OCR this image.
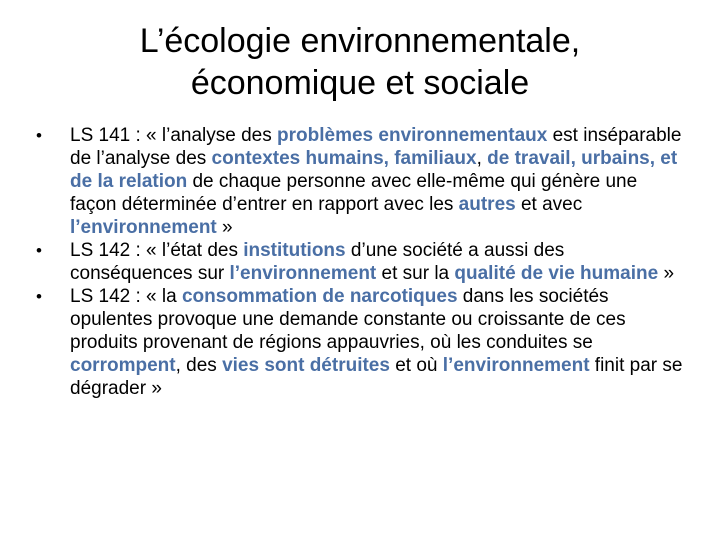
L’écologie environnementale,
économique et sociale
•	LS 141 : « l’analyse des problèmes environnementaux est inséparable de l’analyse des contextes humains, familiaux, de travail, urbains, et de la relation de chaque personne avec elle-même qui génère une façon déterminée d’entrer en rapport avec les autres et avec l’environnement »
•	LS 142 : « l’état des institutions d’une société a aussi des conséquences sur l’environnement et sur la qualité de vie humaine »
•	LS 142 : « la consommation de narcotiques dans les sociétés opulentes provoque une demande constante ou croissante de ces produits provenant de régions appauvries, où les conduites se corrompent, des vies sont détruites et où l’environnement finit par se dégrader »
